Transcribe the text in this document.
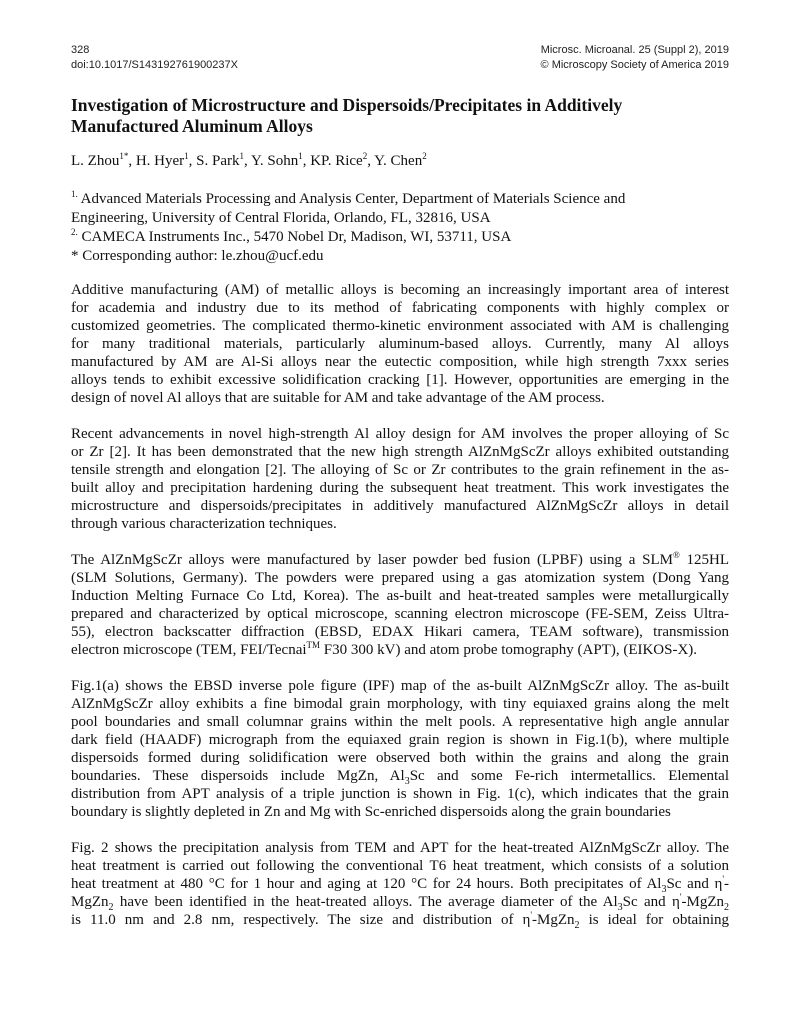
328
doi:10.1017/S143192761900237X
Microsc. Microanal. 25 (Suppl 2), 2019
© Microscopy Society of America 2019
Investigation of Microstructure and Dispersoids/Precipitates in Additively
Manufactured Aluminum Alloys
L. Zhou$^{1*}$, H. Hyer$^1$, S. Park$^1$, Y. Sohn$^1$, KP. Rice$^2$, Y. Chen$^2$
$^{1.}$ Advanced Materials Processing and Analysis Center, Department of Materials Science and
Engineering, University of Central Florida, Orlando, FL, 32816, USA
$^{2.}$ CAMECA Instruments Inc., 5470 Nobel Dr, Madison, WI, 53711, USA
* Corresponding author: le.zhou@ucf.edu
Additive manufacturing (AM) of metallic alloys is becoming an increasingly important area of interest
for academia and industry due to its method of fabricating components with highly complex or
customized geometries. The complicated thermo-kinetic environment associated with AM is challenging
for many traditional materials, particularly aluminum-based alloys. Currently, many Al alloys
manufactured by AM are Al-Si alloys near the eutectic composition, while high strength 7xxx series
alloys tends to exhibit excessive solidification cracking [1]. However, opportunities are emerging in the
design of novel Al alloys that are suitable for AM and take advantage of the AM process.
Recent advancements in novel high-strength Al alloy design for AM involves the proper alloying of Sc
or Zr [2]. It has been demonstrated that the new high strength AlZnMgScZr alloys exhibited outstanding
tensile strength and elongation [2]. The alloying of Sc or Zr contributes to the grain refinement in the as-
built alloy and precipitation hardening during the subsequent heat treatment. This work investigates the
microstructure and dispersoids/precipitates in additively manufactured AlZnMgScZr alloys in detail
through various characterization techniques.
The AlZnMgScZr alloys were manufactured by laser powder bed fusion (LPBF) using a SLM® 125HL
(SLM Solutions, Germany). The powders were prepared using a gas atomization system (Dong Yang
Induction Melting Furnace Co Ltd, Korea). The as-built and heat-treated samples were metallurgically
prepared and characterized by optical microscope, scanning electron microscope (FE-SEM, Zeiss Ultra-
55), electron backscatter diffraction (EBSD, EDAX Hikari camera, TEAM software), transmission
electron microscope (TEM, FEI/Tecnai™ F30 300 kV) and atom probe tomography (APT), (EIKOS-X).
Fig.1(a) shows the EBSD inverse pole figure (IPF) map of the as-built AlZnMgScZr alloy. The as-built
AlZnMgScZr alloy exhibits a fine bimodal grain morphology, with tiny equiaxed grains along the melt
pool boundaries and small columnar grains within the melt pools. A representative high angle annular
dark field (HAADF) micrograph from the equiaxed grain region is shown in Fig.1(b), where multiple
dispersoids formed during solidification were observed both within the grains and along the grain
boundaries. These dispersoids include MgZn, $Al_3Sc$ and some Fe-rich intermetallics. Elemental
distribution from APT analysis of a triple junction is shown in Fig. 1(c), which indicates that the grain
boundary is slightly depleted in Zn and Mg with Sc-enriched dispersoids along the grain boundaries
Fig. 2 shows the precipitation analysis from TEM and APT for the heat-treated AlZnMgScZr alloy. The
heat treatment is carried out following the conventional T6 heat treatment, which consists of a solution
heat treatment at 480 °C for 1 hour and aging at 120 °C for 24 hours. Both precipitates of $Al_3Sc$ and η'-
MgZn$_2$ have been identified in the heat-treated alloys. The average diameter of the $Al_3Sc$ and η'-MgZn$_2$
is 11.0 nm and 2.8 nm, respectively. The size and distribution of η'-MgZn$_2$ is ideal for obtaining
